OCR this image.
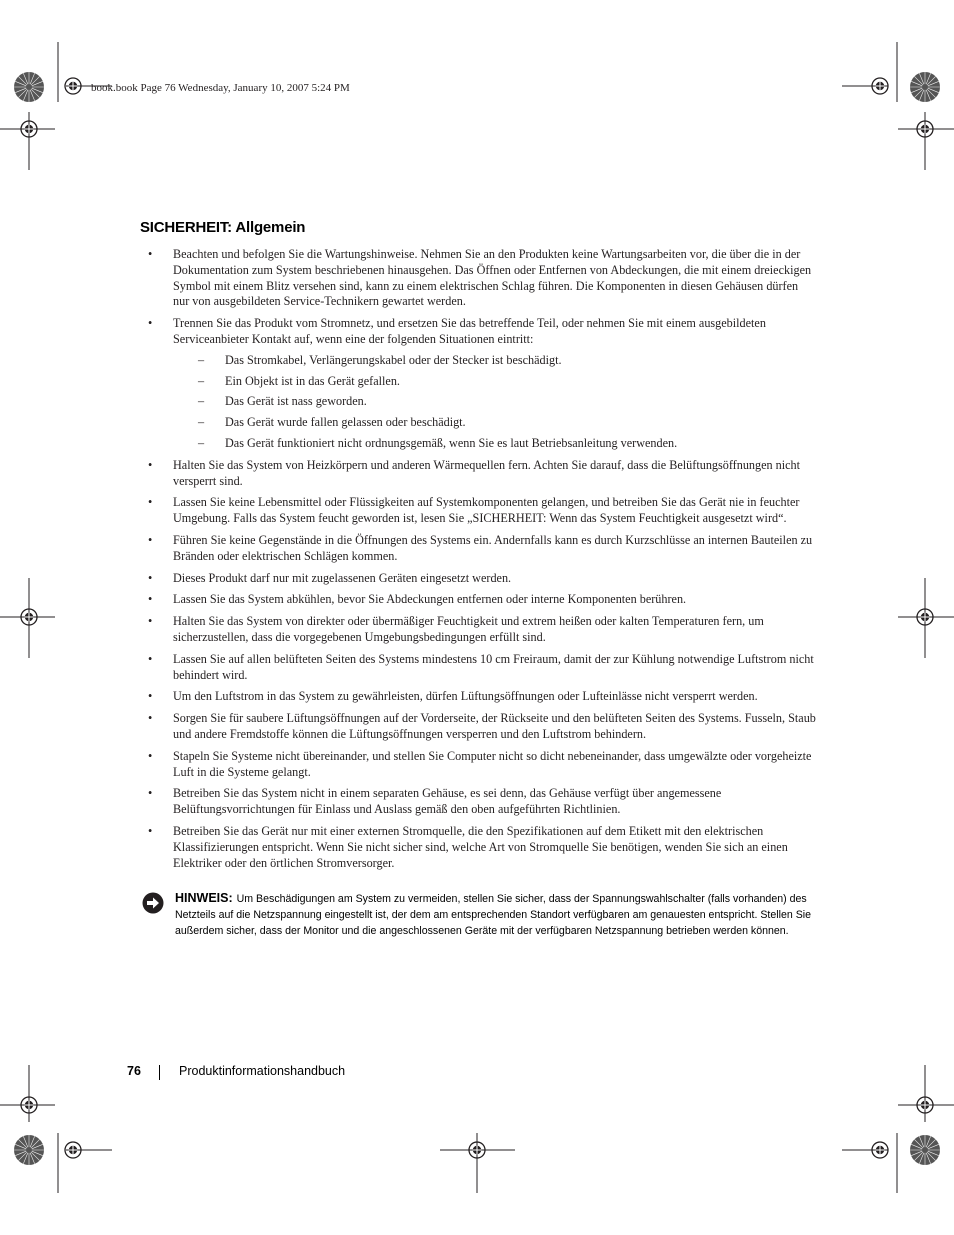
book.book Page 76 Wednesday, January 10, 2007 5:24 PM
SICHERHEIT: Allgemein
• Beachten und befolgen Sie die Wartungshinweise. Nehmen Sie an den Produkten keine Wartungsarbeiten vor, die über die in der Dokumentation zum System beschriebenen hinausgehen. Das Öffnen oder Entfernen von Abdeckungen, die mit einem dreieckigen Symbol mit einem Blitz versehen sind, kann zu einem elektrischen Schlag führen. Die Komponenten in diesen Gehäusen dürfen nur von ausgebildeten Service-Technikern gewartet werden.
• Trennen Sie das Produkt vom Stromnetz, und ersetzen Sie das betreffende Teil, oder nehmen Sie mit einem ausgebildeten Serviceanbieter Kontakt auf, wenn eine der folgenden Situationen eintritt:
– Das Stromkabel, Verlängerungskabel oder der Stecker ist beschädigt.
– Ein Objekt ist in das Gerät gefallen.
– Das Gerät ist nass geworden.
– Das Gerät wurde fallen gelassen oder beschädigt.
– Das Gerät funktioniert nicht ordnungsgemäß, wenn Sie es laut Betriebsanleitung verwenden.
• Halten Sie das System von Heizkörpern und anderen Wärmequellen fern. Achten Sie darauf, dass die Belüftungsöffnungen nicht versperrt sind.
• Lassen Sie keine Lebensmittel oder Flüssigkeiten auf Systemkomponenten gelangen, und betreiben Sie das Gerät nie in feuchter Umgebung. Falls das System feucht geworden ist, lesen Sie „SICHERHEIT: Wenn das System Feuchtigkeit ausgesetzt wird“.
• Führen Sie keine Gegenstände in die Öffnungen des Systems ein. Andernfalls kann es durch Kurzschlüsse an internen Bauteilen zu Bränden oder elektrischen Schlägen kommen.
• Dieses Produkt darf nur mit zugelassenen Geräten eingesetzt werden.
• Lassen Sie das System abkühlen, bevor Sie Abdeckungen entfernen oder interne Komponenten berühren.
• Halten Sie das System von direkter oder übermäßiger Feuchtigkeit und extrem heißen oder kalten Temperaturen fern, um sicherzustellen, dass die vorgegebenen Umgebungsbedingungen erfüllt sind.
• Lassen Sie auf allen belüfteten Seiten des Systems mindestens 10 cm Freiraum, damit der zur Kühlung notwendige Luftstrom nicht behindert wird.
• Um den Luftstrom in das System zu gewährleisten, dürfen Lüftungsöffnungen oder Lufteinlässe nicht versperrt werden.
• Sorgen Sie für saubere Lüftungsöffnungen auf der Vorderseite, der Rückseite und den belüfteten Seiten des Systems. Fusseln, Staub und andere Fremdstoffe können die Lüftungsöffnungen versperren und den Luftstrom behindern.
• Stapeln Sie Systeme nicht übereinander, und stellen Sie Computer nicht so dicht nebeneinander, dass umgewälzte oder vorgeheizte Luft in die Systeme gelangt.
• Betreiben Sie das System nicht in einem separaten Gehäuse, es sei denn, das Gehäuse verfügt über angemessene Belüftungsvorrichtungen für Einlass und Auslass gemäß den oben aufgeführten Richtlinien.
• Betreiben Sie das Gerät nur mit einer externen Stromquelle, die den Spezifikationen auf dem Etikett mit den elektrischen Klassifizierungen entspricht. Wenn Sie nicht sicher sind, welche Art von Stromquelle Sie benötigen, wenden Sie sich an einen Elektriker oder den örtlichen Stromversorger.
HINWEIS: Um Beschädigungen am System zu vermeiden, stellen Sie sicher, dass der Spannungswahlschalter (falls vorhanden) des Netzteils auf die Netzspannung eingestellt ist, der dem am entsprechenden Standort verfügbaren am genauesten entspricht. Stellen Sie außerdem sicher, dass der Monitor und die angeschlossenen Geräte mit der verfügbaren Netzspannung betrieben werden können.
76	Produktinformationshandbuch
